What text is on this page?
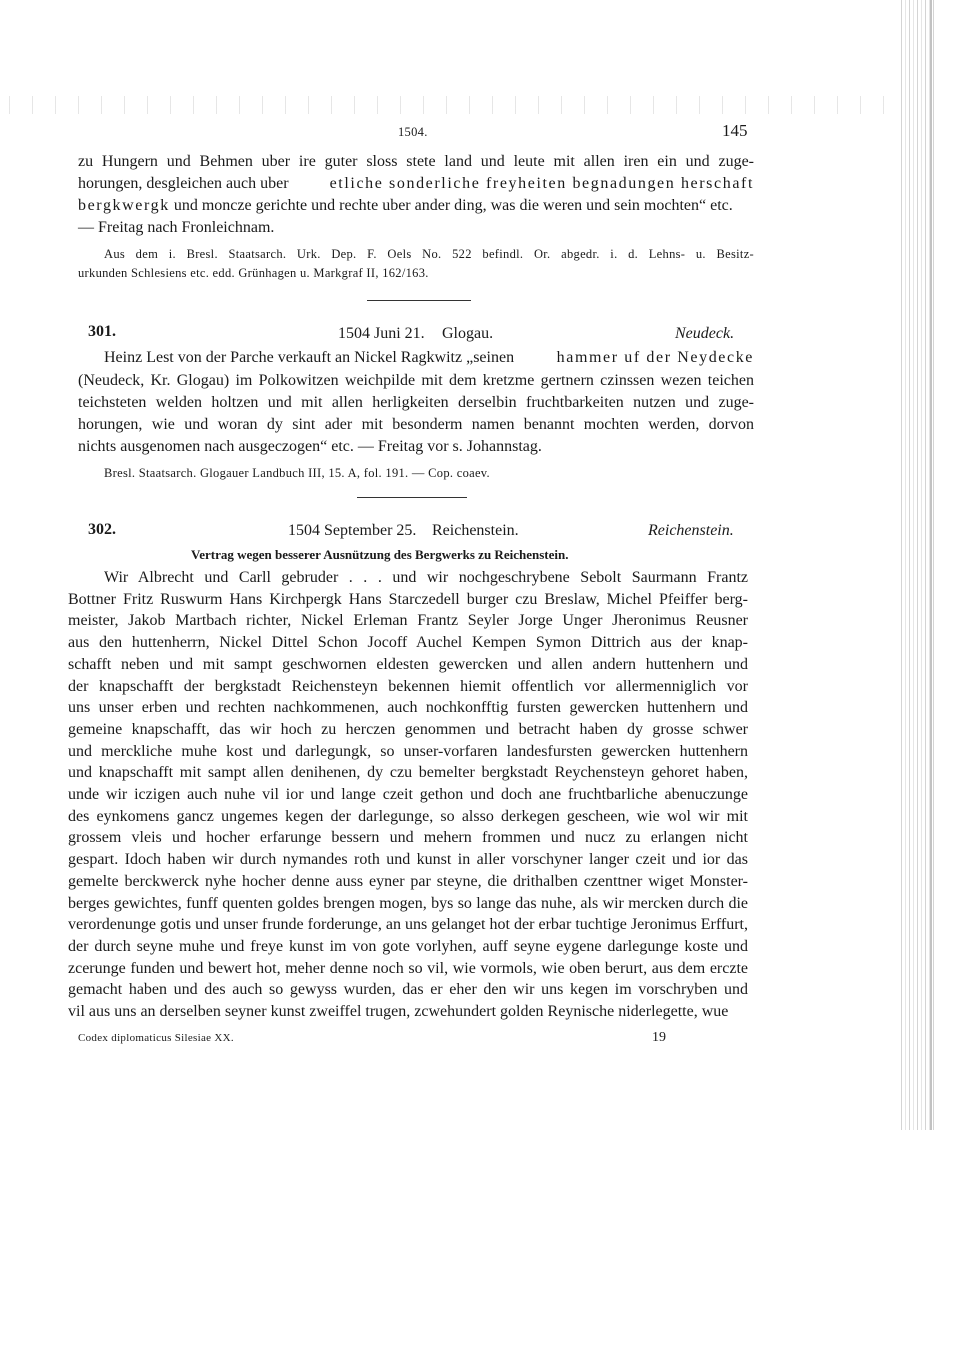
1504.	145
zu Hungern und Behmen uber ire guter sloss stete land und leute mit allen iren ein und zuge-
horungen, desgleichen auch uber	etliche sonderliche freyheiten begnadungen herschaft
bergkwergk und moncze gerichte und rechte uber ander ding, was die weren und sein mochten“ etc.
— Freitag nach Fronleichnam.
Aus dem i. Bresl. Staatsarch. Urk. Dep. F. Oels No. 522 befindl. Or. abgedr. i. d. Lehns- u. Besitz-
urkunden Schlesiens etc. edd. Grünhagen u. Markgraf II, 162/163.
301.	1504 Juni 21. Glogau.	Neudeck.
Heinz Lest von der Parche verkauft an Nickel Ragkwitz „seinen	hammer uf der Neydecke
(Neudeck, Kr. Glogau) im Polkowitzen weichpilde mit dem kretzme gertnern czinssen wezen teichen
teichsteten welden holtzen und mit allen herligkeiten derselbin fruchtbarkeiten nutzen und zuge-
horungen, wie und woran dy sint ader mit besonderm namen benannt mochten werden, dorvon
nichts ausgenomen nach ausgeczogen“ etc. — Freitag vor s. Johannstag.
Bresl. Staatsarch. Glogauer Landbuch III, 15. A, fol. 191. — Cop. coaev.
302.	1504 September 25. Reichenstein.	Reichenstein.
Vertrag wegen besserer Ausnützung des Bergwerks zu Reichenstein.
Wir Albrecht und Carll gebruder . . . und wir nochgeschrybene Sebolt Saurmann Frantz
Bottner Fritz Ruswurm Hans Kirchpergk Hans Starczedell burger czu Breslaw, Michel Pfeiffer berg-
meister, Jakob Martbach richter, Nickel Erleman Frantz Seyler Jorge Unger Jheronimus Reusner
aus den huttenherrn, Nickel Dittel Schon Jocoff Auchel Kempen Symon Dittrich aus der knap-
schafft neben und mit sampt geschwornen eldesten gewercken und allen andern huttenhern und
der knapschafft der bergkstadt Reichensteyn bekennen hiemit offentlich vor allermenniglich vor
uns unser erben und rechten nachkommenen, auch nochkonfftig fursten gewercken huttenhern und
gemeine knapschafft, das wir hoch zu herczen genommen und betracht haben dy grosse schwer
und merckliche muhe kost und darlegungk, so unser-vorfaren landesfursten gewercken huttenhern
und knapschafft mit sampt allen denihenen, dy czu bemelter bergkstadt Reychensteyn gehoret haben,
unde wir iczigen auch nuhe vil ior und lange czeit gethon und doch ane fruchtbarliche abenuczunge
des eynkomens gancz ungemes kegen der darlegunge, so alsso derkegen gescheen, wie wol wir mit
grossem vleis und hocher erfarunge bessern und mehern frommen und nucz zu erlangen nicht
gespart. Idoch haben wir durch nymandes roth und kunst in aller vorschyner langer czeit und ior das
gemelte berckwerck nyhe hocher denne auss eyner par steyne, die drithalben czenttner wiget Monster-
berges gewichtes, funff quenten goldes brengen mogen, bys so lange das nuhe, als wir mercken durch die
verordenunge gotis und unser frunde forderunge, an uns gelanget hot der erbar tuchtige Jeronimus Erffurt,
der durch seyne muhe und freye kunst im von gote vorlyhen, auff seyne eygene darlegunge koste und
zcerunge funden und bewert hot, meher denne noch so vil, wie vormols, wie oben berurt, aus dem erczte
gemacht haben und des auch so gewyss wurden, das er eher den wir uns kegen im vorschryben und
vil aus uns an derselben seyner kunst zweiffel trugen, zcwehundert golden Reynische niderlegette, wue
Codex diplomaticus Silesiae XX.	19
